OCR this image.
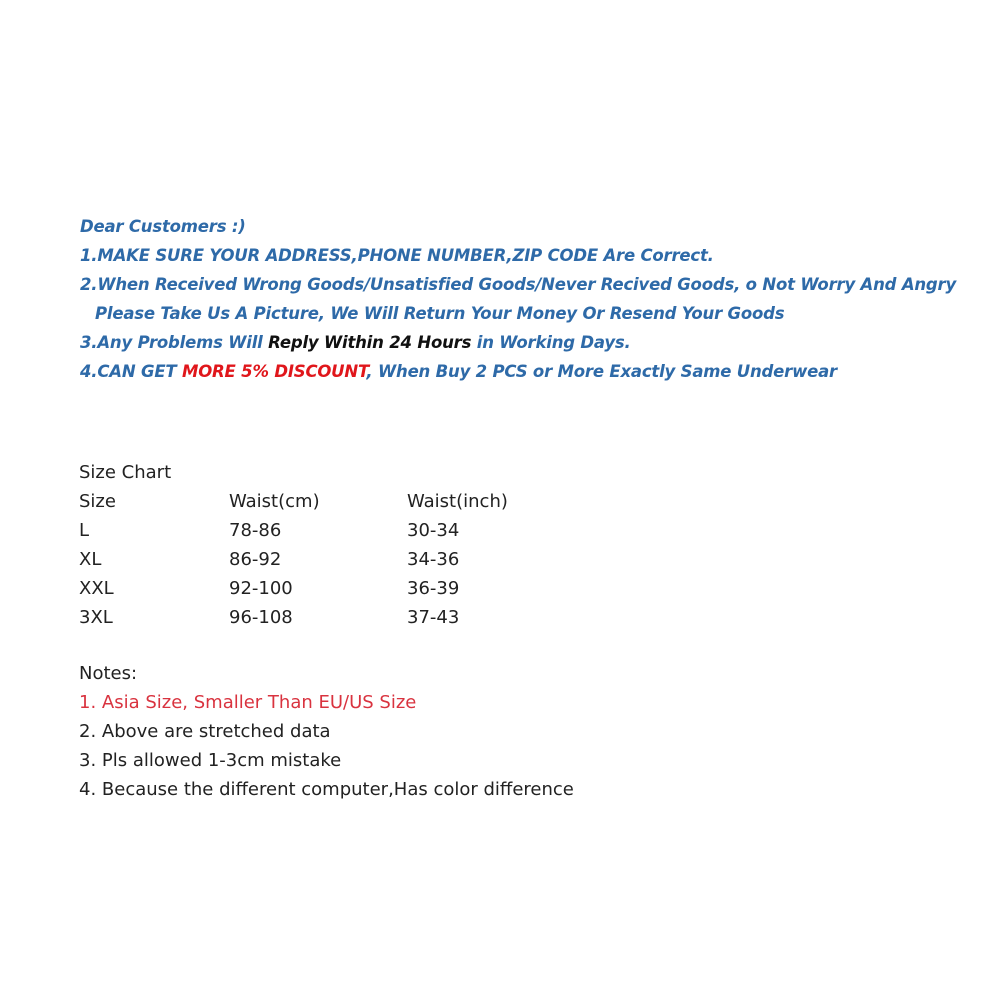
Dear Customers :)
1.MAKE SURE YOUR ADDRESS,PHONE NUMBER,ZIP CODE Are Correct.
2.When Received Wrong Goods/Unsatisfied Goods/Never Recived Goods, o Not Worry And Angry
Please Take Us A Picture, We Will Return Your Money Or Resend Your Goods
3.Any Problems Will Reply Within 24 Hours in Working Days.
4.CAN GET MORE 5% DISCOUNT, When Buy 2 PCS or More Exactly Same Underwear
Size Chart
Size	Waist(cm)	Waist(inch)
L	78-86	30-34
XL	86-92	34-36
XXL	92-100	36-39
3XL	96-108	37-43
Notes:
1. Asia Size, Smaller Than EU/US Size
2. Above are stretched data
3. Pls allowed 1-3cm mistake
4. Because the different computer,Has color difference
